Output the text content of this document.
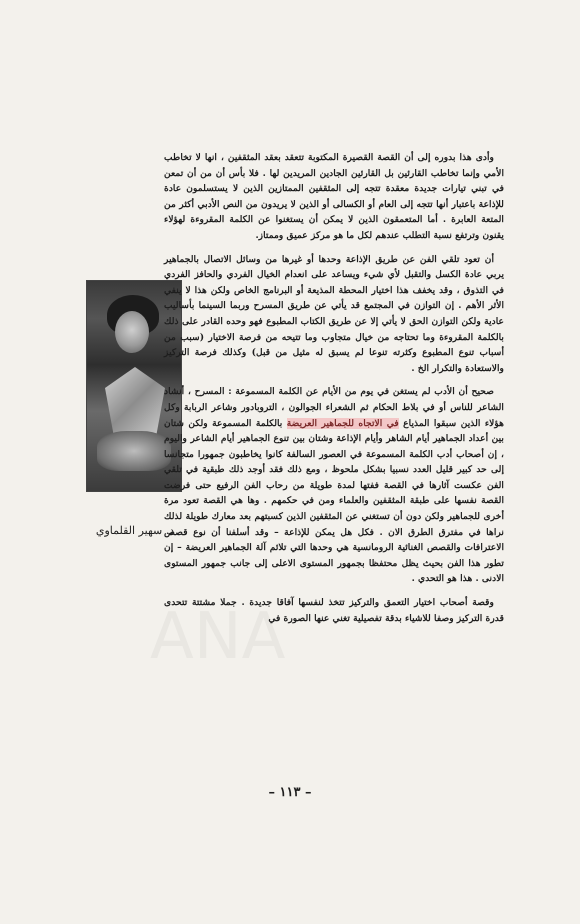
د. سهير القلماوي
ANA

وأدى هذا بدوره إلى أن القصة القصيرة المكتوبة تتعقد بعقد المثقفين ، انها لا تخاطب الأمي وإنما تخاطب القارئين بل القارئين الجادين المريدين لها . فلا بأس أن من أن تمعن في تبني تيارات جديدة معقدة تتجه إلى المثقفين الممتازين الذين لا يستسلمون عادة للإذاعة باعتبار أنها تتجه إلى العام أو الكسالى أو الذين لا يريدون من النص الأدبي أكثر من المتعة العابرة . أما المتعمقون الذين لا يمكن أن يستغنوا عن الكلمة المقروءة لهؤلاء يقنون وترتفع نسبة التطلب عندهم لكل ما هو مركز عميق وممتاز.

أن تعود تلقي الفن عن طريق الإذاعة وحدها أو غيرها من وسائل الاتصال بالجماهير يربي عادة الكسل والتقبل لأي شيء ويساعد على انعدام الخيال الفردي والحافز الفردي في التذوق ، وقد يخفف هذا اختيار المحطة المذيعة أو البرنامج الخاص ولكن هذا لا ينفي الأثر الأهم . إن التوازن في المجتمع قد يأتي عن طريق المسرح وربما السينما بأساليب عادية ولكن التوازن الحق لا يأتي إلا عن طريق الكتاب المطبوع فهو وحده القادر على ذلك بالكلمة المقروءة وما تحتاجه من خيال متجاوب وما تتيحه من فرصة الاختيار (سبب من أسباب تنوع المطبوع وكثرته تنوعا لم يسبق له مثيل من قبل) وكذلك فرصة التركيز والاستعادة والتكرار الخ .

صحيح أن الأدب لم يستغن في يوم من الأيام عن الكلمة المسموعة : المسرح ، أنشاد الشاعر للناس أو في بلاط الحكام ثم الشعراء الجوالون ، التروبادور وشاعر الربابة وكل هؤلاء الذين سبقوا المذياع في الاتجاه للجماهير العريضة بالكلمة المسموعة ولكن شتان بين أعداد الجماهير أيام الشاهر وأيام الإذاعة وشتان بين تنوع الجماهير أيام الشاعر واليوم ، إن أصحاب أدب الكلمة المسموعة في العصور السالفة كانوا يخاطبون جمهورا متجانسا إلى حد كبير قليل العدد نسبيا بشكل ملحوظ ، ومع ذلك فقد أوجد ذلك طبقية في تلقي الفن عكست آثارها في القصة ففتها لمدة طويلة من رحاب الفن الرفيع حتى فرضت القصة نفسها على طبقة المثقفين والعلماء ومن في حكمهم . وها هي القصة تعود مرة أخرى للجماهير ولكن دون أن تستغني عن المثقفين الذين كسبتهم بعد معارك طويلة لذلك نراها في مفترق الطرق الان . فكل هل يمكن للإذاعة – وقد أسلفنا أن نوع قصص الاعترافات والقصص الغنائية الرومانسية هي وحدها التي تلائم آلة الجماهير العريضة – إن تطور هذا الفن بحيث يظل محتفظا بجمهور المستوى الاعلى إلى جانب جمهور المستوى الادنى . هذا هو التحدي .

وقصة أصحاب اختيار التعمق والتركيز تتخذ لنفسها آفاقا جديدة . جملا مشتتة تتحدى قدرة التركيز وصفا للاشياء بدقة تفصيلية تغني عنها الصورة في

– ١١٣ –
